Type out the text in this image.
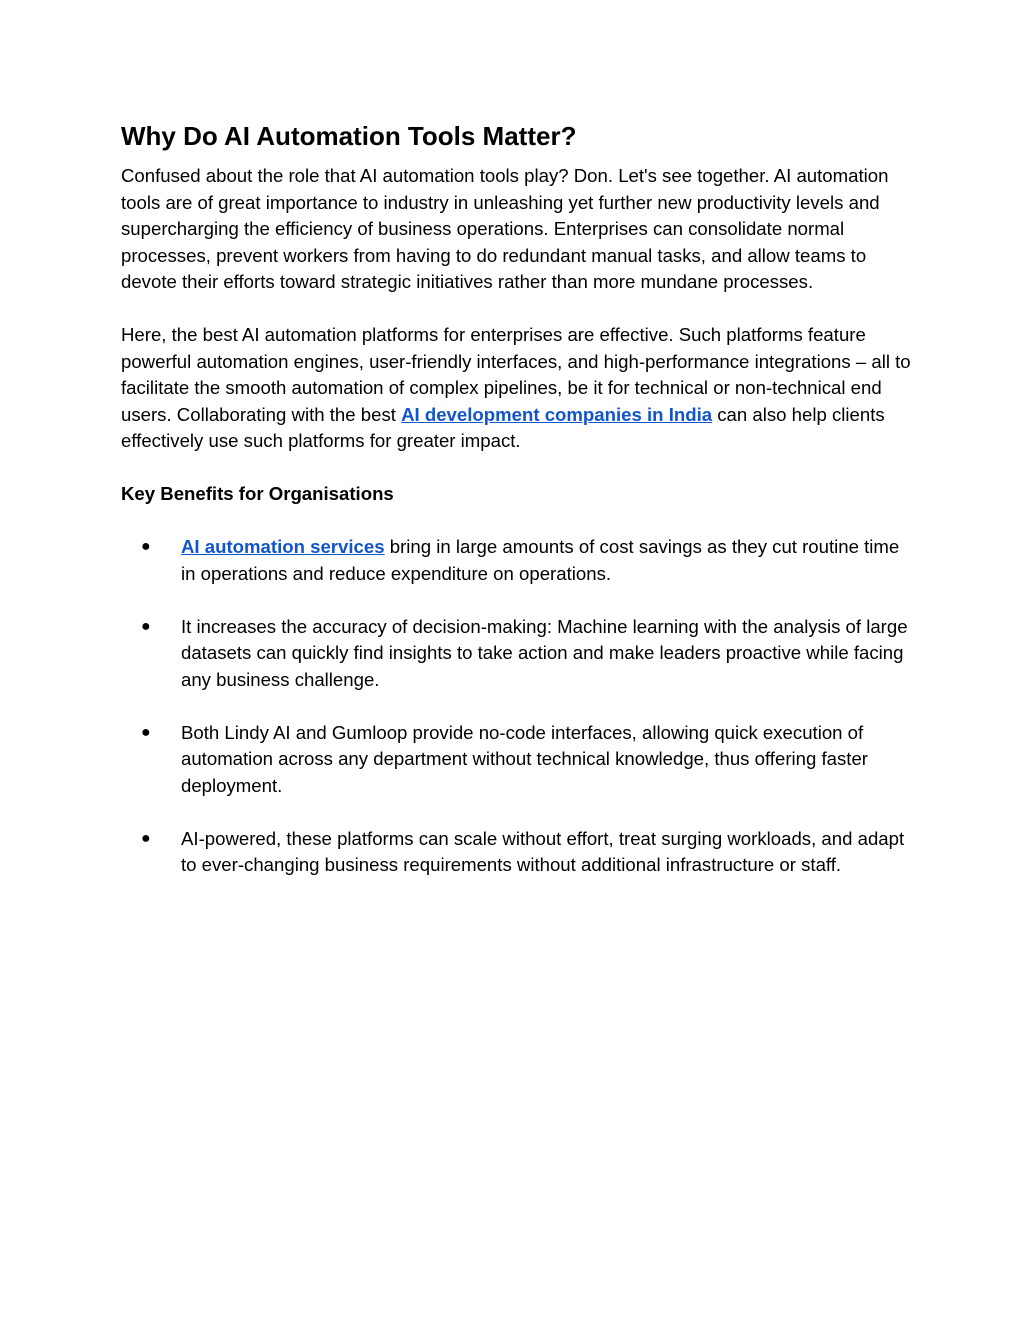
Why Do AI Automation Tools Matter?

Confused about the role that AI automation tools play? Don. Let's see together. AI automation tools are of great importance to industry in unleashing yet further new productivity levels and supercharging the efficiency of business operations. Enterprises can consolidate normal processes, prevent workers from having to do redundant manual tasks, and allow teams to devote their efforts toward strategic initiatives rather than more mundane processes.

Here, the best AI automation platforms for enterprises are effective. Such platforms feature powerful automation engines, user-friendly interfaces, and high-performance integrations – all to facilitate the smooth automation of complex pipelines, be it for technical or non-technical end users. Collaborating with the best AI development companies in India can also help clients effectively use such platforms for greater impact.

Key Benefits for Organisations
● AI automation services bring in large amounts of cost savings as they cut routine time in operations and reduce expenditure on operations.
● It increases the accuracy of decision-making: Machine learning with the analysis of large datasets can quickly find insights to take action and make leaders proactive while facing any business challenge.
● Both Lindy AI and Gumloop provide no-code interfaces, allowing quick execution of automation across any department without technical knowledge, thus offering faster deployment.
● AI-powered, these platforms can scale without effort, treat surging workloads, and adapt to ever-changing business requirements without additional infrastructure or staff.
